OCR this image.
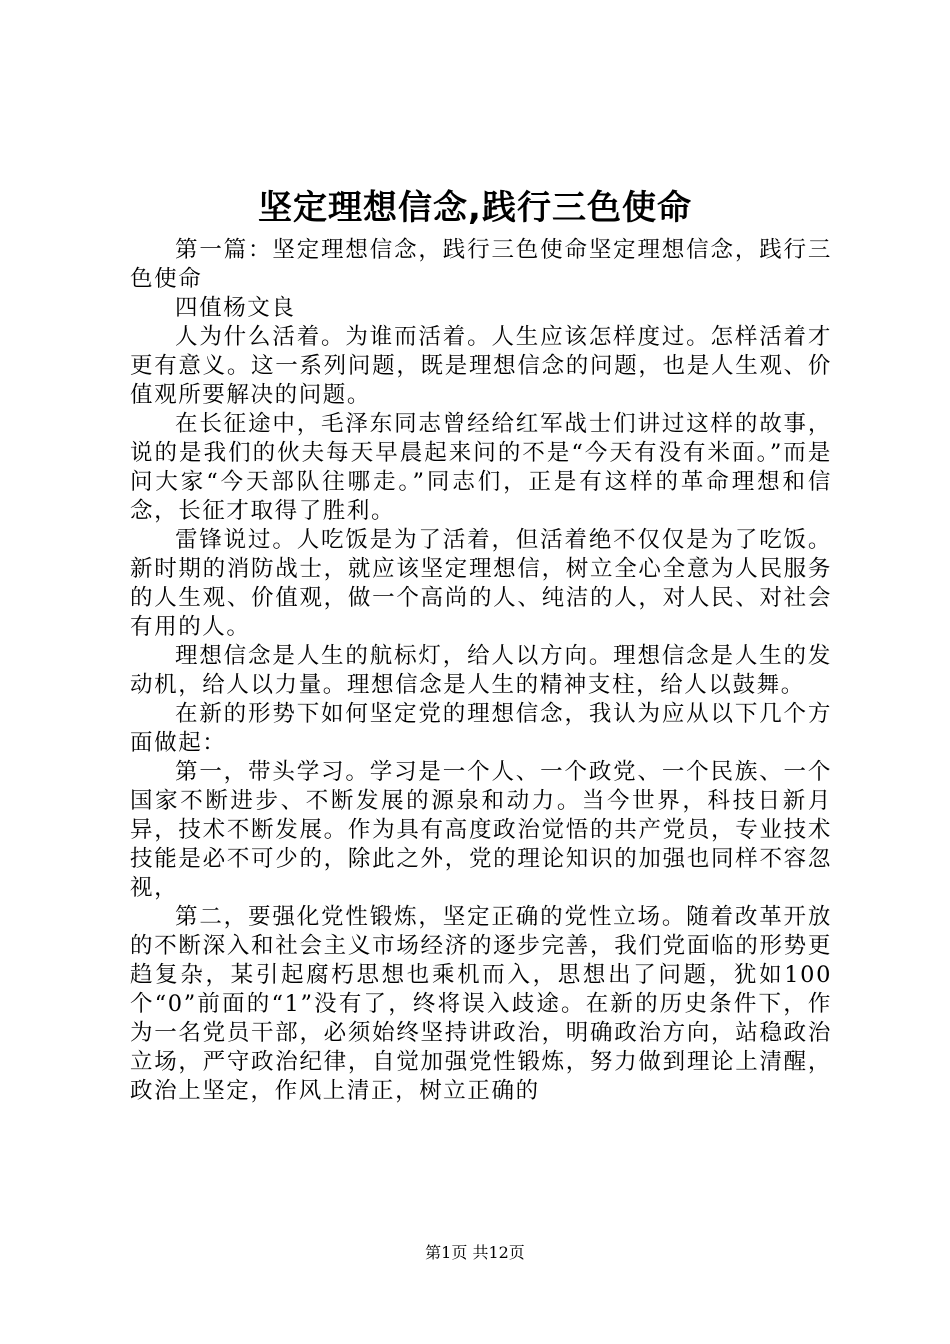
坚定理想信念,践行三色使命

第一篇：坚定理想信念，践行三色使命坚定理想信念，践行三色使命

四值杨文良

人为什么活着。为谁而活着。人生应该怎样度过。怎样活着才更有意义。这一系列问题，既是理想信念的问题，也是人生观、价值观所要解决的问题。

在长征途中，毛泽东同志曾经给红军战士们讲过这样的故事，说的是我们的伙夫每天早晨起来问的不是“今天有没有米面。”而是问大家“今天部队往哪走。”同志们，正是有这样的革命理想和信念，长征才取得了胜利。

雷锋说过。人吃饭是为了活着，但活着绝不仅仅是为了吃饭。新时期的消防战士，就应该坚定理想信，树立全心全意为人民服务的人生观、价值观，做一个高尚的人、纯洁的人，对人民、对社会有用的人。

理想信念是人生的航标灯，给人以方向。理想信念是人生的发动机，给人以力量。理想信念是人生的精神支柱，给人以鼓舞。

在新的形势下如何坚定党的理想信念，我认为应从以下几个方面做起：

第一，带头学习。学习是一个人、一个政党、一个民族、一个国家不断进步、不断发展的源泉和动力。当今世界，科技日新月异，技术不断发展。作为具有高度政治觉悟的共产党员，专业技术技能是必不可少的，除此之外，党的理论知识的加强也同样不容忽视，

第二，要强化党性锻炼，坚定正确的党性立场。随着改革开放的不断深入和社会主义市场经济的逐步完善，我们党面临的形势更趋复杂，某引起腐朽思想也乘机而入，思想出了问题，犹如100个“0”前面的“1”没有了，终将误入歧途。在新的历史条件下，作为一名党员干部，必须始终坚持讲政治，明确政治方向，站稳政治立场，严守政治纪律，自觉加强党性锻炼，努力做到理论上清醒，政治上坚定，作风上清正，树立正确的

第1页 共12页
